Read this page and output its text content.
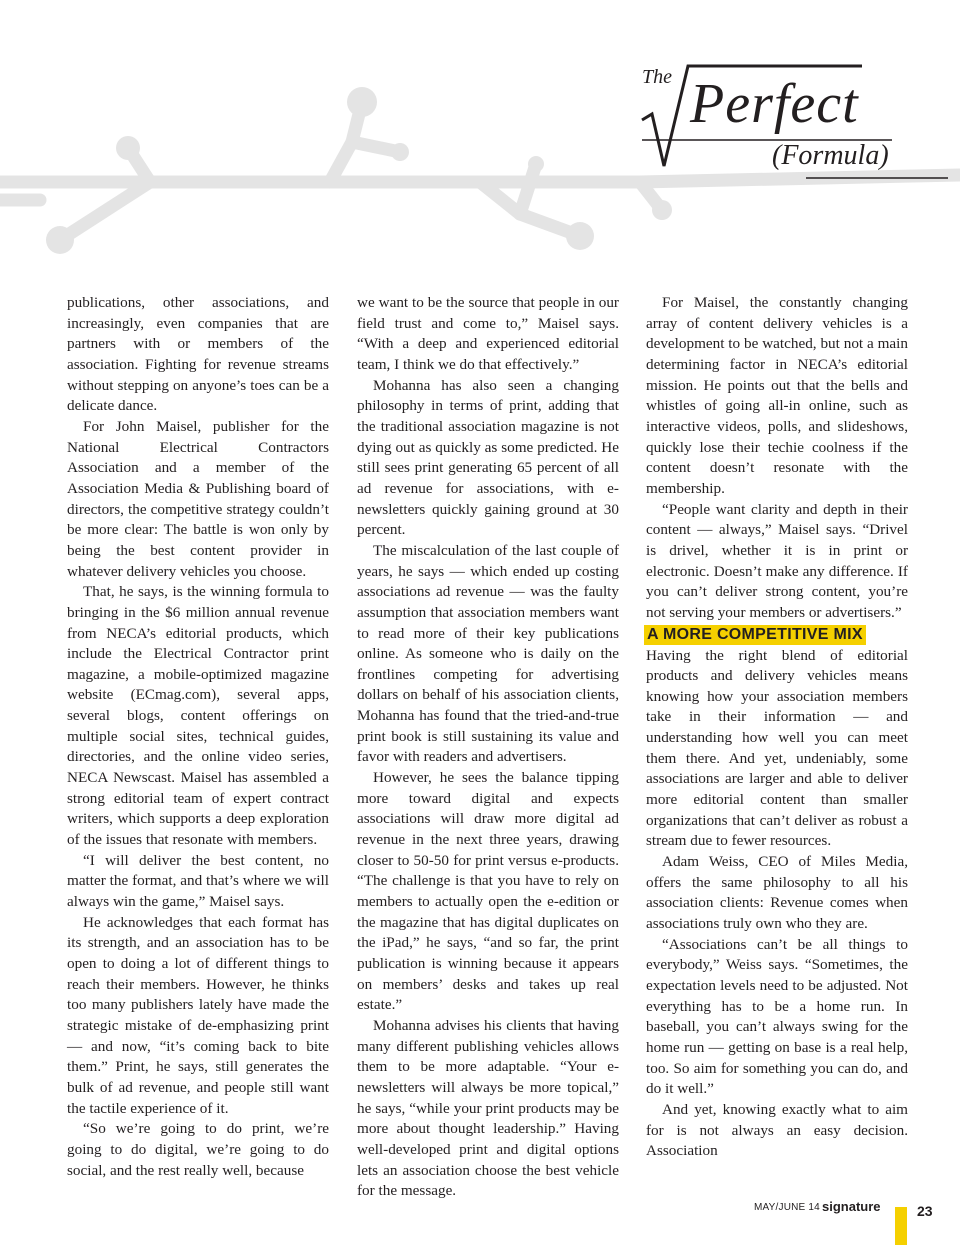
The Perfect
(Formula)

publications, other associations, and increasingly, even companies that are partners with or members of the association. Fighting for revenue streams without stepping on anyone’s toes can be a delicate dance.

For John Maisel, publisher for the National Electrical Contractors Association and a member of the Association Media & Publishing board of directors, the competitive strategy couldn’t be more clear: The battle is won only by being the best content provider in whatever delivery vehicles you choose.

That, he says, is the winning formula to bringing in the $6 million annual revenue from NECA’s editorial products, which include the Electrical Contractor print magazine, a mobile-optimized magazine website (ECmag.com), several apps, several blogs, content offerings on multiple social sites, technical guides, directories, and the online video series, NECA Newscast. Maisel has assembled a strong editorial team of expert contract writers, which supports a deep exploration of the issues that resonate with members.

“I will deliver the best content, no matter the format, and that’s where we will always win the game,” Maisel says.

He acknowledges that each format has its strength, and an association has to be open to doing a lot of different things to reach their members. However, he thinks too many publishers lately have made the strategic mistake of de-emphasizing print — and now, “it’s coming back to bite them.” Print, he says, still generates the bulk of ad revenue, and people still want the tactile experience of it.

“So we’re going to do print, we’re going to do digital, we’re going to do social, and the rest really well, because

we want to be the source that people in our field trust and come to,” Maisel says. “With a deep and experienced editorial team, I think we do that effectively.”

Mohanna has also seen a changing philosophy in terms of print, adding that the traditional association magazine is not dying out as quickly as some predicted. He still sees print generating 65 percent of all ad revenue for associations, with e-newsletters quickly gaining ground at 30 percent.

The miscalculation of the last couple of years, he says — which ended up costing associations ad revenue — was the faulty assumption that association members want to read more of their key publications online. As someone who is daily on the frontlines competing for advertising dollars on behalf of his association clients, Mohanna has found that the tried-and-true print book is still sustaining its value and favor with readers and advertisers.

However, he sees the balance tipping more toward digital and expects associations will draw more digital ad revenue in the next three years, drawing closer to 50-50 for print versus e-products. “The challenge is that you have to rely on members to actually open the e-edition or the magazine that has digital duplicates on the iPad,” he says, “and so far, the print publication is winning because it appears on members’ desks and takes up real estate.”

Mohanna advises his clients that having many different publishing vehicles allows them to be more adaptable. “Your e-newsletters will always be more topical,” he says, “while your print products may be more about thought leadership.” Having well-developed print and digital options lets an association choose the best vehicle for the message.

For Maisel, the constantly changing array of content delivery vehicles is a development to be watched, but not a main determining factor in NECA’s editorial mission. He points out that the bells and whistles of going all-in online, such as interactive videos, polls, and slideshows, quickly lose their techie coolness if the content doesn’t resonate with the membership.

“People want clarity and depth in their content — always,” Maisel says. “Drivel is drivel, whether it is in print or electronic. Doesn’t make any difference. If you can’t deliver strong content, you’re not serving your members or advertisers.”

A MORE COMPETITIVE MIX

Having the right blend of editorial products and delivery vehicles means knowing how your association members take in their information — and understanding how well you can meet them there. And yet, undeniably, some associations are larger and able to deliver more editorial content than smaller organizations that can’t deliver as robust a stream due to fewer resources.

Adam Weiss, CEO of Miles Media, offers the same philosophy to all his association clients: Revenue comes when associations truly own who they are.

“Associations can’t be all things to everybody,” Weiss says. “Sometimes, the expectation levels need to be adjusted. Not everything has to be a home run. In baseball, you can’t always swing for the home run — getting on base is a real help, too. So aim for something you can do, and do it well.”

And yet, knowing exactly what to aim for is not always an easy decision. Association

MAY/JUNE 14 signature	23
